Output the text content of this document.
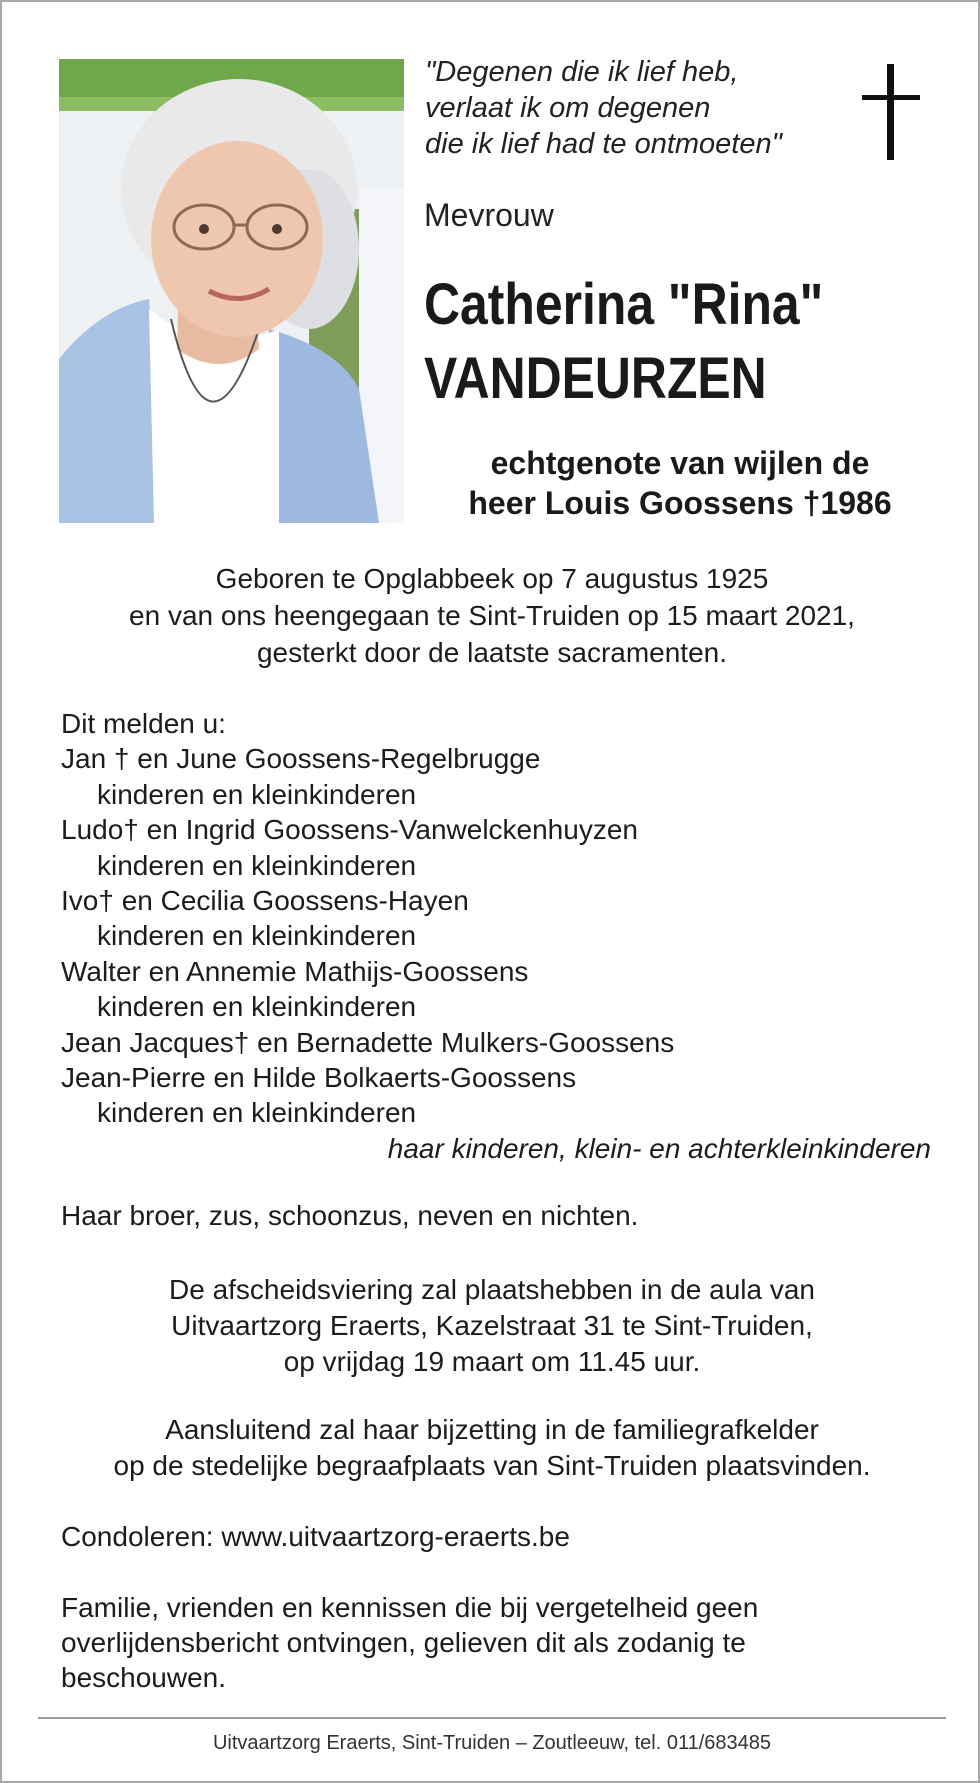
"Degenen die ik lief heb,
verlaat ik om degenen
die ik lief had te ontmoeten"
Mevrouw
Catherina "Rina"
VANDEURZEN
echtgenote van wijlen de
heer Louis Goossens †1986
Geboren te Opglabbeek op 7 augustus 1925
en van ons heengegaan te Sint-Truiden op 15 maart 2021,
gesterkt door de laatste sacramenten.
Dit melden u:
Jan † en June Goossens-Regelbrugge
kinderen en kleinkinderen
Ludo† en Ingrid Goossens-Vanwelckenhuyzen
kinderen en kleinkinderen
Ivo† en Cecilia Goossens-Hayen
kinderen en kleinkinderen
Walter en Annemie Mathijs-Goossens
kinderen en kleinkinderen
Jean Jacques† en Bernadette Mulkers-Goossens
Jean-Pierre en Hilde Bolkaerts-Goossens
kinderen en kleinkinderen
haar kinderen, klein- en achterkleinkinderen
Haar broer, zus, schoonzus, neven en nichten.
De afscheidsviering zal plaatshebben in de aula van
Uitvaartzorg Eraerts, Kazelstraat 31 te Sint-Truiden,
op vrijdag 19 maart om 11.45 uur.
Aansluitend zal haar bijzetting in de familiegrafkelder
op de stedelijke begraafplaats van Sint-Truiden plaatsvinden.
Condoleren: www.uitvaartzorg-eraerts.be
Familie, vrienden en kennissen die bij vergetelheid geen
overlijdensbericht ontvingen, gelieven dit als zodanig te
beschouwen.
Uitvaartzorg Eraerts, Sint-Truiden – Zoutleeuw, tel. 011/683485
